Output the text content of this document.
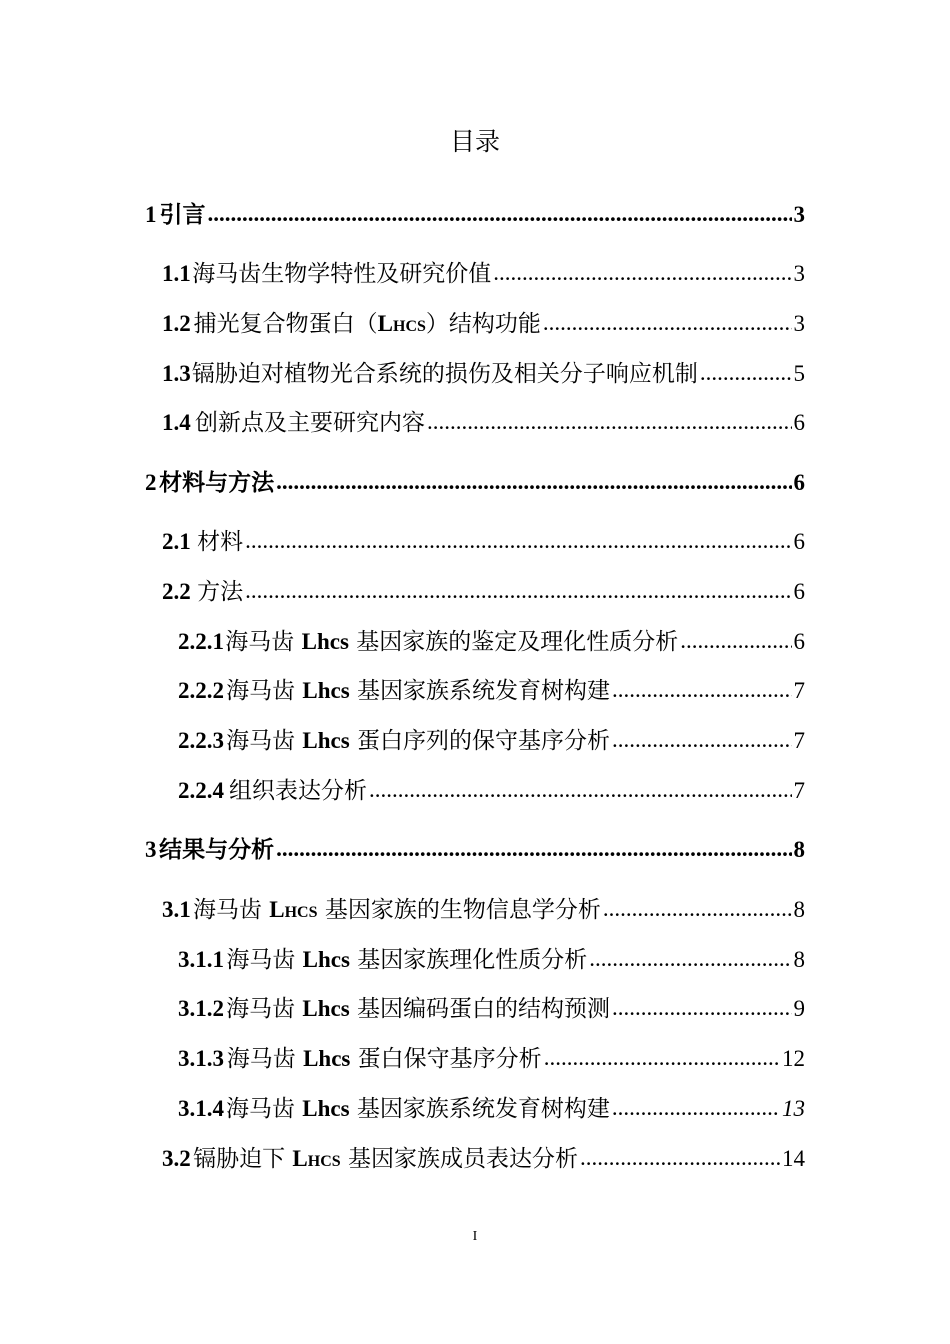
目录
1 引言 .....	3
1.1 海马齿生物学特性及研究价值 .....	3
1.2 捕光复合物蛋白（Lhcs）结构功能 .....	3
1.3 镉胁迫对植物光合系统的损伤及相关分子响应机制 .....	5
1.4 创新点及主要研究内容 .....	6
2 材料与方法 .....	6
2.1 材料 .....	6
2.2 方法 .....	6
2.2.1 海马齿 Lhcs 基因家族的鉴定及理化性质分析 .....	6
2.2.2 海马齿 Lhcs 基因家族系统发育树构建 .....	7
2.2.3 海马齿 Lhcs 蛋白序列的保守基序分析 .....	7
2.2.4 组织表达分析 .....	7
3 结果与分析 .....	8
3.1 海马齿 Lhcs 基因家族的生物信息学分析 .....	8
3.1.1 海马齿 Lhcs 基因家族理化性质分析 .....	8
3.1.2 海马齿 Lhcs 基因编码蛋白的结构预测 .....	9
3.1.3 海马齿 Lhcs 蛋白保守基序分析 .....	12
3.1.4 海马齿 Lhcs 基因家族系统发育树构建 .....	13
3.2 镉胁迫下 Lhcs 基因家族成员表达分析 .....	14
I
